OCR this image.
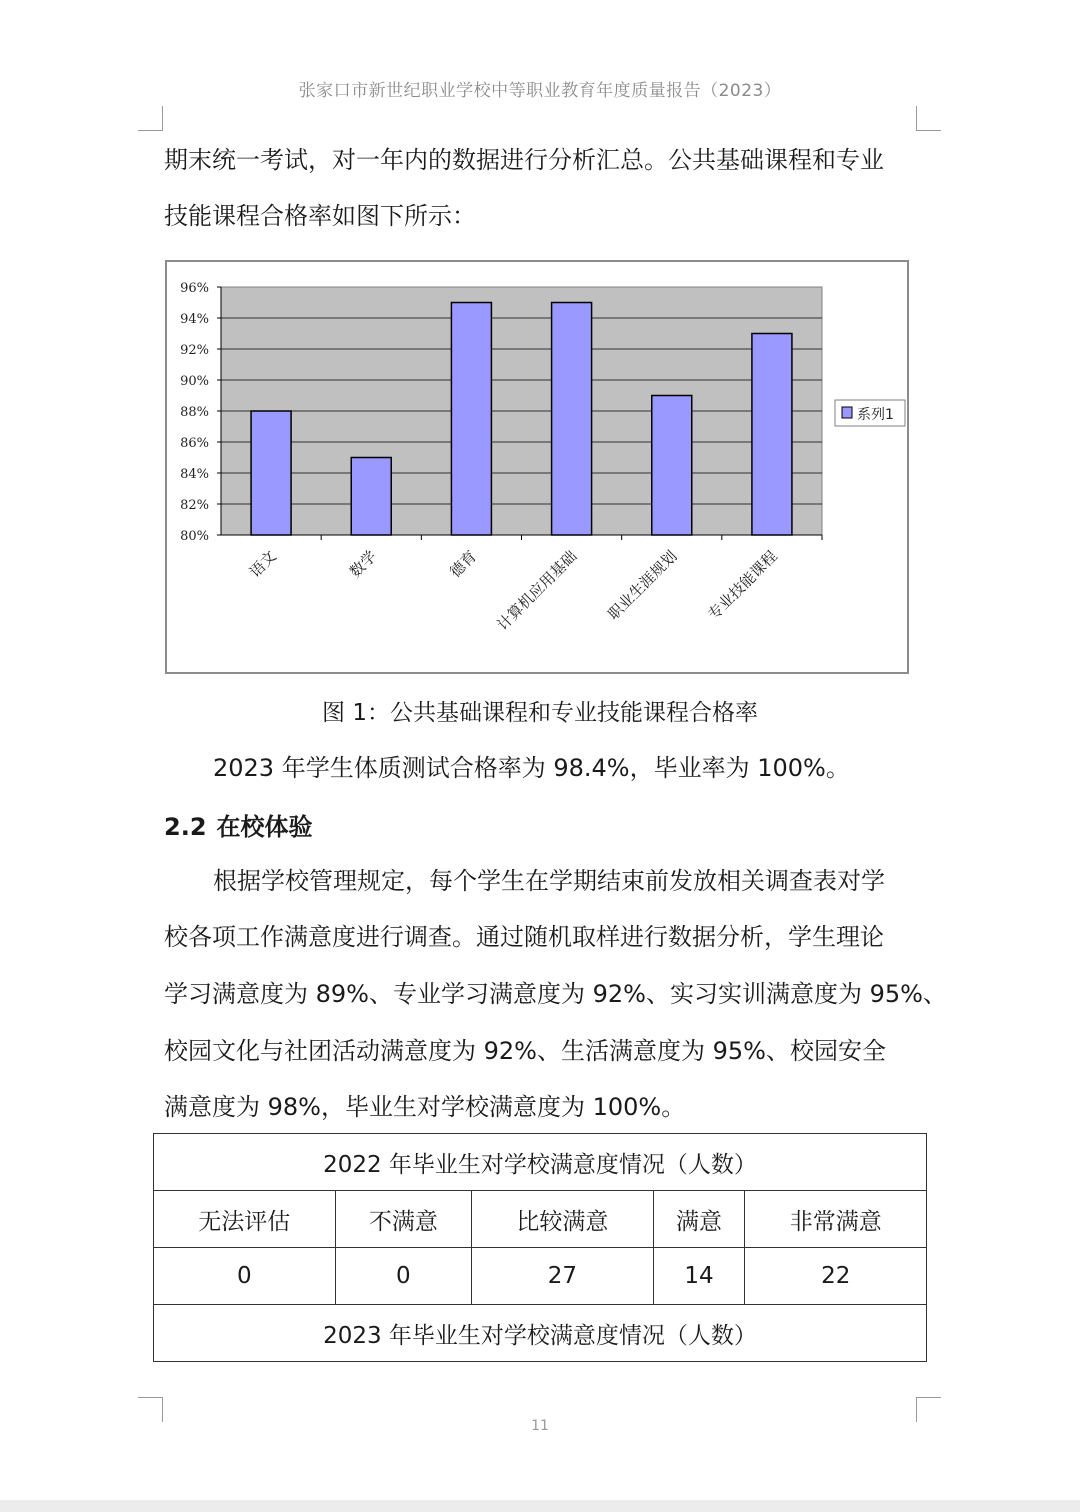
张家口市新世纪职业学校中等职业教育年度质量报告（2023）
期末统一考试，对一年内的数据进行分析汇总。公共基础课程和专业
技能课程合格率如图下所示：
80%
82%
84%
86%
88%
90%
92%
94%
96%
语文	数学	德育 计算机应用基础 职业生涯规划 专业技能课程
系列1
图 1：公共基础课程和专业技能课程合格率
2023 年学生体质测试合格率为 98.4%，毕业率为 100%。
2.2 在校体验
根据学校管理规定，每个学生在学期结束前发放相关调查表对学
校各项工作满意度进行调查。通过随机取样进行数据分析，学生理论
学习满意度为 89%、专业学习满意度为 92%、实习实训满意度为 95%、
校园文化与社团活动满意度为 92%、生活满意度为 95%、校园安全
满意度为 98%，毕业生对学校满意度为 100%。
2022 年毕业生对学校满意度情况（人数）				
无法评估	不满意	比较满意	满意	非常满意
0	0	27	14	22
2023 年毕业生对学校满意度情况（人数）				
11
